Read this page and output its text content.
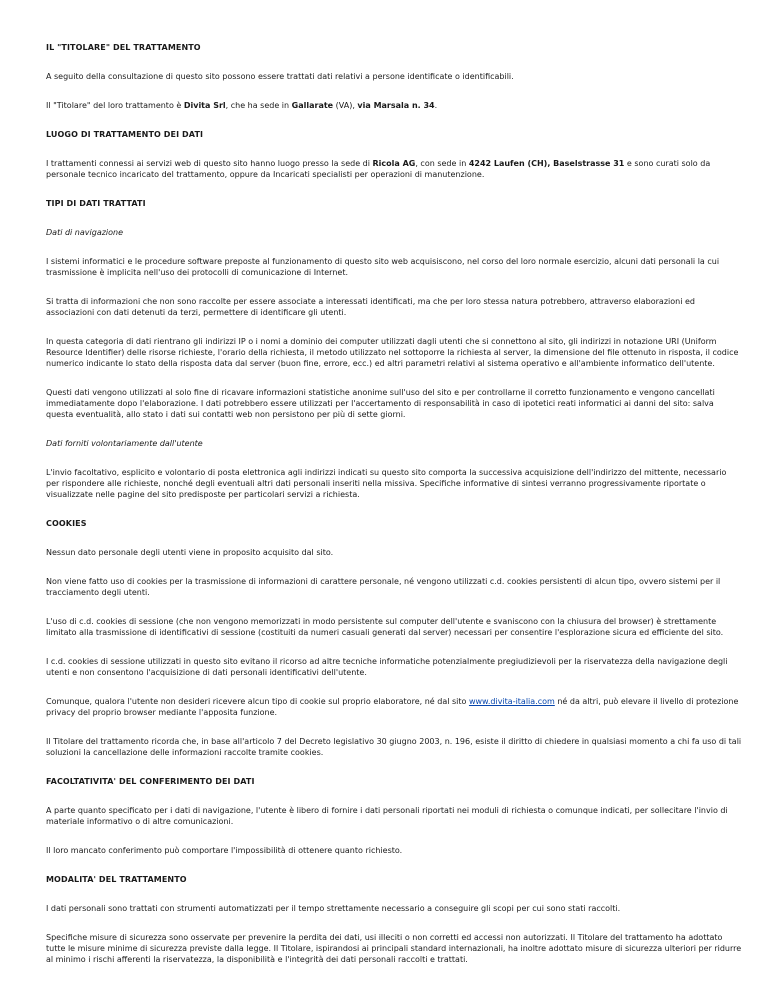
IL "TITOLARE" DEL TRATTAMENTO
A seguito della consultazione di questo sito possono essere trattati dati relativi a persone identificate o identificabili.
Il "Titolare" del loro trattamento è Divita Srl, che ha sede in Gallarate (VA), via Marsala n. 34.
LUOGO DI TRATTAMENTO DEI DATI
I trattamenti connessi ai servizi web di questo sito hanno luogo presso la sede di Ricola AG, con sede in 4242 Laufen (CH), Baselstrasse 31 e sono curati solo da personale tecnico incaricato del trattamento, oppure da Incaricati specialisti per operazioni di manutenzione.
TIPI DI DATI TRATTATI
Dati di navigazione
I sistemi informatici e le procedure software preposte al funzionamento di questo sito web acquisiscono, nel corso del loro normale esercizio, alcuni dati personali la cui trasmissione è implicita nell'uso dei protocolli di comunicazione di Internet.
Si tratta di informazioni che non sono raccolte per essere associate a interessati identificati, ma che per loro stessa natura potrebbero, attraverso elaborazioni ed associazioni con dati detenuti da terzi, permettere di identificare gli utenti.
In questa categoria di dati rientrano gli indirizzi IP o i nomi a dominio dei computer utilizzati dagli utenti che si connettono al sito, gli indirizzi in notazione URI (Uniform Resource Identifier) delle risorse richieste, l'orario della richiesta, il metodo utilizzato nel sottoporre la richiesta al server, la dimensione del file ottenuto in risposta, il codice numerico indicante lo stato della risposta data dal server (buon fine, errore, ecc.) ed altri parametri relativi al sistema operativo e all'ambiente informatico dell'utente.
Questi dati vengono utilizzati al solo fine di ricavare informazioni statistiche anonime sull'uso del sito e per controllarne il corretto funzionamento e vengono cancellati immediatamente dopo l'elaborazione. I dati potrebbero essere utilizzati per l'accertamento di responsabilità in caso di ipotetici reati informatici ai danni del sito: salva questa eventualità, allo stato i dati sui contatti web non persistono per più di sette giorni.
Dati forniti volontariamente dall'utente
L'invio facoltativo, esplicito e volontario di posta elettronica agli indirizzi indicati su questo sito comporta la successiva acquisizione dell'indirizzo del mittente, necessario per rispondere alle richieste, nonché degli eventuali altri dati personali inseriti nella missiva. Specifiche informative di sintesi verranno progressivamente riportate o visualizzate nelle pagine del sito predisposte per particolari servizi a richiesta.
COOKIES
Nessun dato personale degli utenti viene in proposito acquisito dal sito.
Non viene fatto uso di cookies per la trasmissione di informazioni di carattere personale, né vengono utilizzati c.d. cookies persistenti di alcun tipo, ovvero sistemi per il tracciamento degli utenti.
L'uso di c.d. cookies di sessione (che non vengono memorizzati in modo persistente sul computer dell'utente e svaniscono con la chiusura del browser) è strettamente limitato alla trasmissione di identificativi di sessione (costituiti da numeri casuali generati dal server) necessari per consentire l'esplorazione sicura ed efficiente del sito.
I c.d. cookies di sessione utilizzati in questo sito evitano il ricorso ad altre tecniche informatiche potenzialmente pregiudizievoli per la riservatezza della navigazione degli utenti e non consentono l'acquisizione di dati personali identificativi dell'utente.
Comunque, qualora l'utente non desideri ricevere alcun tipo di cookie sul proprio elaboratore, né dal sito www.divita-italia.com né da altri, può elevare il livello di protezione privacy del proprio browser mediante l'apposita funzione.
Il Titolare del trattamento ricorda che, in base all'articolo 7 del Decreto legislativo 30 giugno 2003, n. 196, esiste il diritto di chiedere in qualsiasi momento a chi fa uso di tali soluzioni la cancellazione delle informazioni raccolte tramite cookies.
FACOLTATIVITA' DEL CONFERIMENTO DEI DATI
A parte quanto specificato per i dati di navigazione, l'utente è libero di fornire i dati personali riportati nei moduli di richiesta o comunque indicati, per sollecitare l'invio di materiale informativo o di altre comunicazioni.
Il loro mancato conferimento può comportare l'impossibilità di ottenere quanto richiesto.
MODALITA' DEL TRATTAMENTO
I dati personali sono trattati con strumenti automatizzati per il tempo strettamente necessario a conseguire gli scopi per cui sono stati raccolti.
Specifiche misure di sicurezza sono osservate per prevenire la perdita dei dati, usi illeciti o non corretti ed accessi non autorizzati. Il Titolare del trattamento ha adottato tutte le misure minime di sicurezza previste dalla legge. Il Titolare, ispirandosi ai principali standard internazionali, ha inoltre adottato misure di sicurezza ulteriori per ridurre al minimo i rischi afferenti la riservatezza, la disponibilità e l'integrità dei dati personali raccolti e trattati.
